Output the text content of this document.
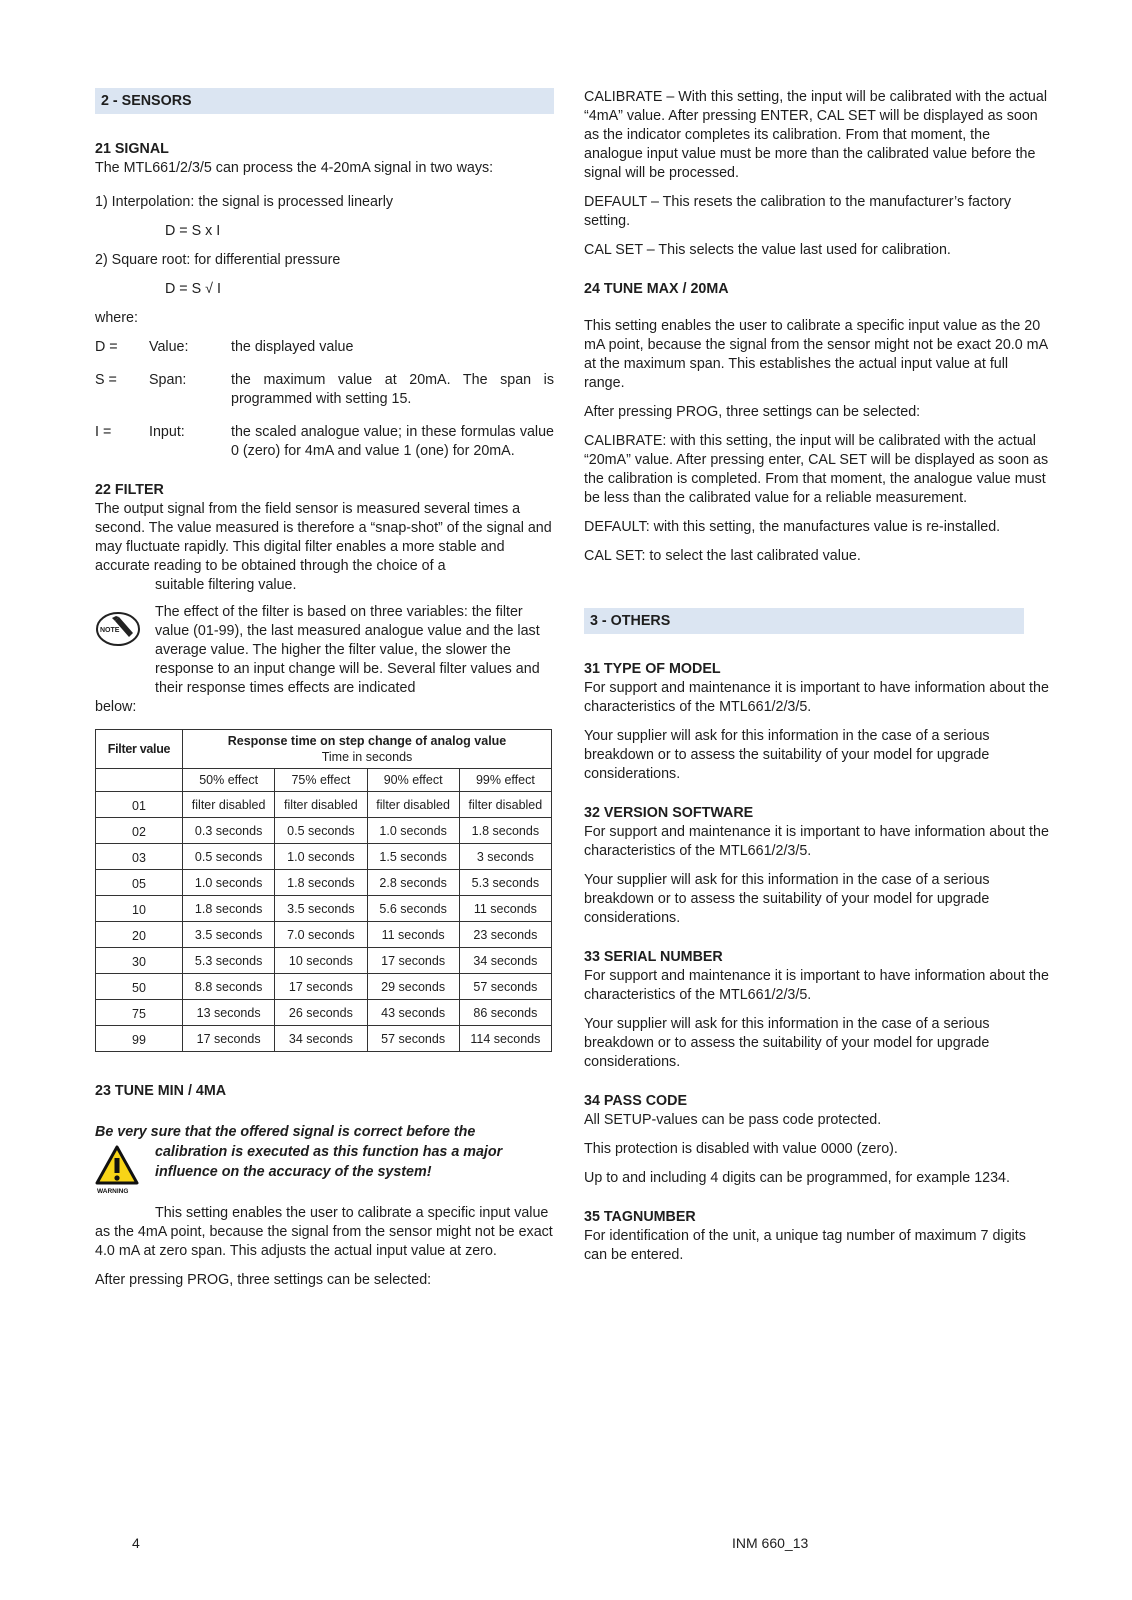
2 - SENSORS
21 SIGNAL

The MTL661/2/3/5 can process the 4-20mA signal in two ways:

1) Interpolation: the signal is processed linearly

D = S x I

2) Square root: for differential pressure

D = S √ I

where:

D =	Value:	the displayed value
S =	Span:	the maximum value at 20mA. The span is programmed with setting 15.
I =	Input:	the scaled analogue value; in these formulas value 0 (zero) for 4mA and value 1 (one) for 20mA.
22 FILTER

The output signal from the field sensor is measured several times a second. The value measured is therefore a “snap-shot” of the signal and may fluctuate rapidly. This digital filter enables a more stable and accurate reading to be obtained through the choice of a
suitable filtering value.

NOTE

The effect of the filter is based on three variables: the filter value (01-99), the last measured analogue value and the last average value. The higher the filter value, the slower the response to an input change will be. Several filter values and their response times effects are indicated

below:

Filter value	Response time on step change of analog value
Time in seconds			

	50% effect	75% effect	90% effect	99% effect
01	filter disabled	filter disabled	filter disabled	filter disabled
02	0.3 seconds	0.5 seconds	1.0 seconds	1.8 seconds
03	0.5 seconds	1.0 seconds	1.5 seconds	3 seconds
05	1.0 seconds	1.8 seconds	2.8 seconds	5.3 seconds
10	1.8 seconds	3.5 seconds	5.6 seconds	11 seconds
20	3.5 seconds	7.0 seconds	11 seconds	23 seconds
30	5.3 seconds	10 seconds	17 seconds	34 seconds
50	8.8 seconds	17 seconds	29 seconds	57 seconds
75	13 seconds	26 seconds	43 seconds	86 seconds
99	17 seconds	34 seconds	57 seconds	114 seconds
23 TUNE MIN / 4MA
Be very sure that the offered signal is correct before the
calibration is executed as this function has a major
influence on the accuracy of the system!
WARNING

This setting enables the user to calibrate a specific input value as the 4mA point, because the signal from the sensor might not be exact 4.0 mA at zero span. This adjusts the actual input value at zero.

After pressing PROG, three settings can be selected:

CALIBRATE – With this setting, the input will be calibrated with the actual “4mA” value. After pressing ENTER, CAL SET will be displayed as soon as the indicator completes its calibration. From that moment, the analogue input value must be more than the calibrated value before the signal will be processed.

DEFAULT – This resets the calibration to the manufacturer’s factory setting.

CAL SET – This selects the value last used for calibration.

24 TUNE MAX / 20MA

This setting enables the user to calibrate a specific input value as the 20 mA point, because the signal from the sensor might not be exact 20.0 mA at the maximum span. This establishes the actual input value at full range.

After pressing PROG, three settings can be selected:

CALIBRATE: with this setting, the input will be calibrated with the actual “20mA” value. After pressing enter, CAL SET will be displayed as soon as the calibration is completed. From that moment, the analogue value must be less than the calibrated value for a reliable measurement.

DEFAULT: with this setting, the manufactures value is re-installed.

CAL SET: to select the last calibrated value.

3 - OTHERS
31 TYPE OF MODEL

For support and maintenance it is important to have information about the characteristics of the MTL661/2/3/5.

Your supplier will ask for this information in the case of a serious breakdown or to assess the suitability of your model for upgrade considerations.

32 VERSION SOFTWARE

For support and maintenance it is important to have information about the characteristics of the MTL661/2/3/5.

Your supplier will ask for this information in the case of a serious breakdown or to assess the suitability of your model for upgrade considerations.

33 SERIAL NUMBER

For support and maintenance it is important to have information about the characteristics of the MTL661/2/3/5.

Your supplier will ask for this information in the case of a serious breakdown or to assess the suitability of your model for upgrade considerations.

34 PASS CODE

All SETUP-values can be pass code protected.

This protection is disabled with value 0000 (zero).

Up to and including 4 digits can be programmed, for example 1234.

35 TAGNUMBER

For identification of the unit, a unique tag number of maximum 7 digits can be entered.

4	INM 660_13
